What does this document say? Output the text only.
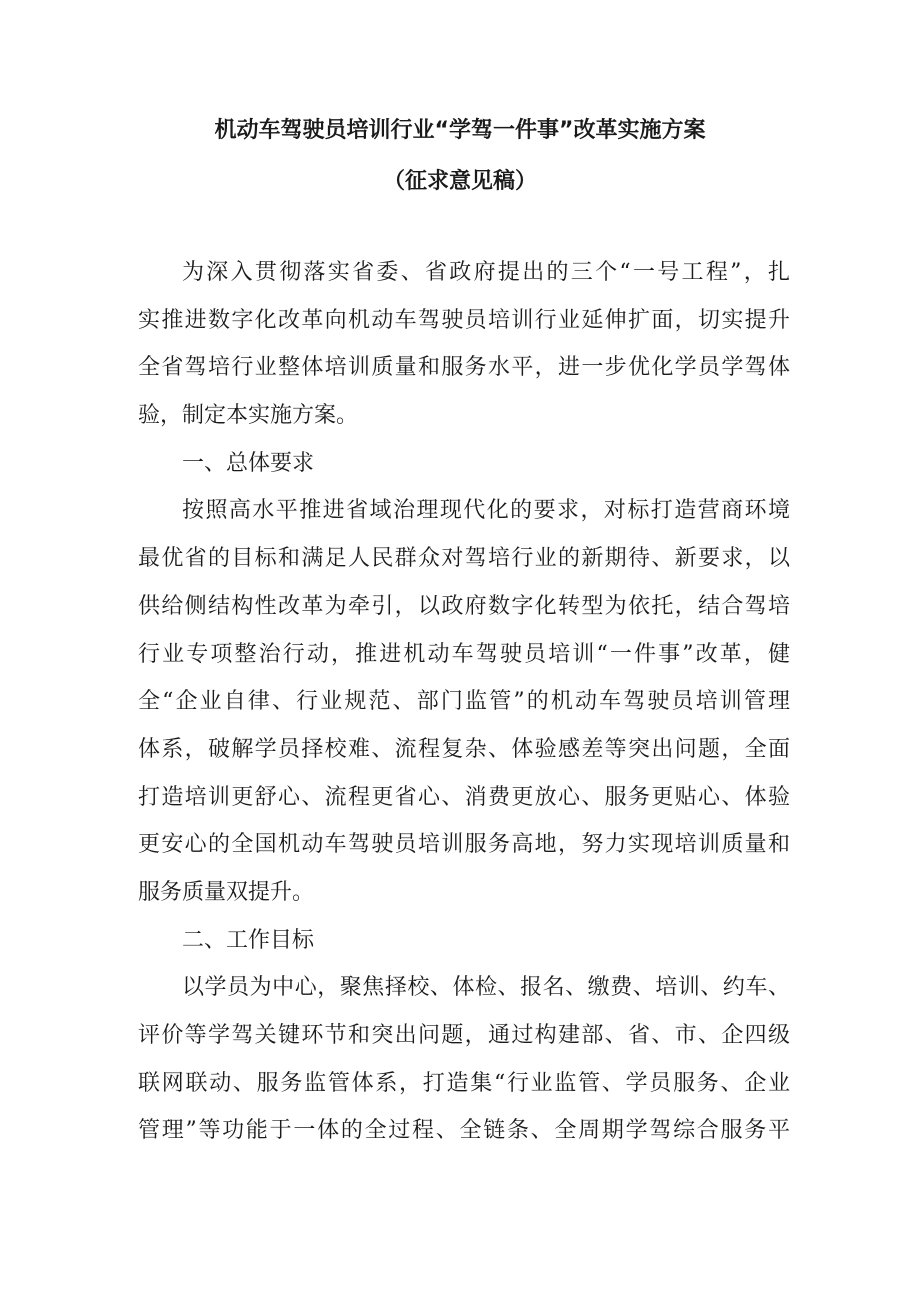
机动车驾驶员培训行业“学驾一件事”改革实施方案
（征求意见稿）
为深入贯彻落实省委、省政府提出的三个“一号工程”，扎
实推进数字化改革向机动车驾驶员培训行业延伸扩面，切实提升
全省驾培行业整体培训质量和服务水平，进一步优化学员学驾体
验，制定本实施方案。
一、总体要求
按照高水平推进省域治理现代化的要求，对标打造营商环境
最优省的目标和满足人民群众对驾培行业的新期待、新要求，以
供给侧结构性改革为牵引，以政府数字化转型为依托，结合驾培
行业专项整治行动，推进机动车驾驶员培训“一件事”改革，健
全“企业自律、行业规范、部门监管”的机动车驾驶员培训管理
体系，破解学员择校难、流程复杂、体验感差等突出问题，全面
打造培训更舒心、流程更省心、消费更放心、服务更贴心、体验
更安心的全国机动车驾驶员培训服务高地，努力实现培训质量和
服务质量双提升。
二、工作目标
以学员为中心，聚焦择校、体检、报名、缴费、培训、约车、
评价等学驾关键环节和突出问题，通过构建部、省、市、企四级
联网联动、服务监管体系，打造集“行业监管、学员服务、企业
管理”等功能于一体的全过程、全链条、全周期学驾综合服务平
